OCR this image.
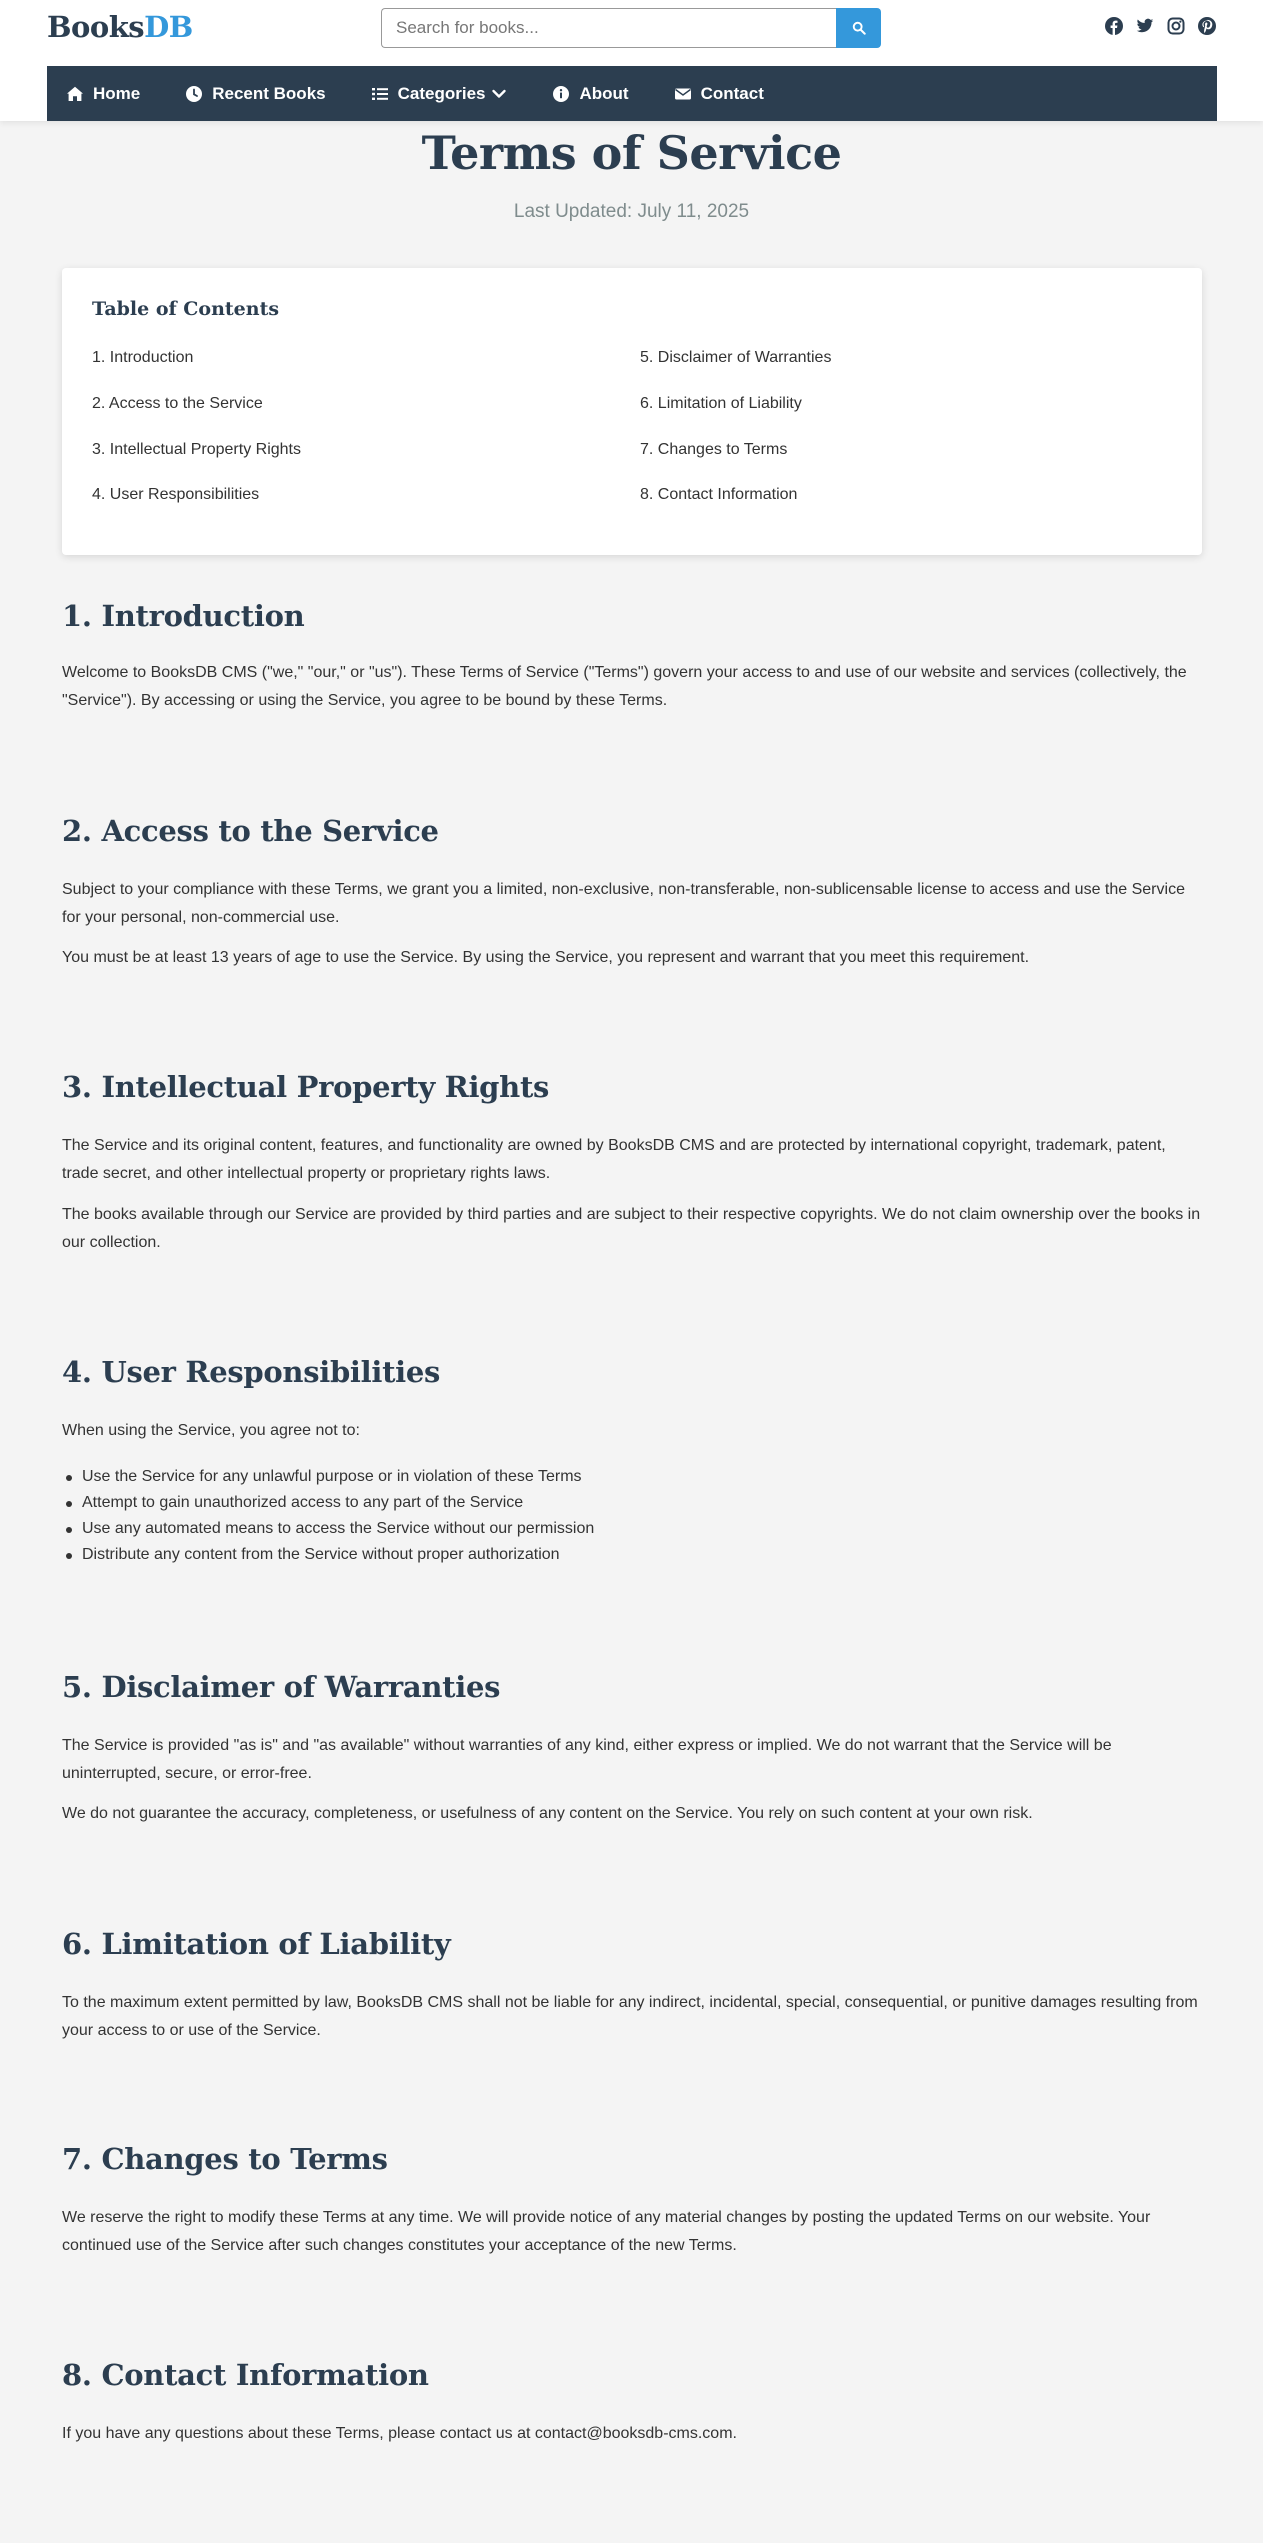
BooksDB
Search for books...
Home	Recent Books	Categories	About	Contact
Terms of Service
Last Updated: July 11, 2025
Table of Contents
1. Introduction
2. Access to the Service
3. Intellectual Property Rights
4. User Responsibilities
5. Disclaimer of Warranties
6. Limitation of Liability
7. Changes to Terms
8. Contact Information
1. Introduction

Welcome to BooksDB CMS ("we," "our," or "us"). These Terms of Service ("Terms") govern your access to and use of our website and services (collectively, the "Service"). By accessing or using the Service, you agree to be bound by these Terms.

2. Access to the Service

Subject to your compliance with these Terms, we grant you a limited, non-exclusive, non-transferable, non-sublicensable license to access and use the Service for your personal, non-commercial use.

You must be at least 13 years of age to use the Service. By using the Service, you represent and warrant that you meet this requirement.

3. Intellectual Property Rights

The Service and its original content, features, and functionality are owned by BooksDB CMS and are protected by international copyright, trademark, patent, trade secret, and other intellectual property or proprietary rights laws.

The books available through our Service are provided by third parties and are subject to their respective copyrights. We do not claim ownership over the books in our collection.

4. User Responsibilities

When using the Service, you agree not to:

Use the Service for any unlawful purpose or in violation of these Terms
Attempt to gain unauthorized access to any part of the Service
Use any automated means to access the Service without our permission
Distribute any content from the Service without proper authorization
5. Disclaimer of Warranties

The Service is provided "as is" and "as available" without warranties of any kind, either express or implied. We do not warrant that the Service will be uninterrupted, secure, or error-free.

We do not guarantee the accuracy, completeness, or usefulness of any content on the Service. You rely on such content at your own risk.

6. Limitation of Liability

To the maximum extent permitted by law, BooksDB CMS shall not be liable for any indirect, incidental, special, consequential, or punitive damages resulting from your access to or use of the Service.

7. Changes to Terms

We reserve the right to modify these Terms at any time. We will provide notice of any material changes by posting the updated Terms on our website. Your continued use of the Service after such changes constitutes your acceptance of the new Terms.

8. Contact Information

If you have any questions about these Terms, please contact us at contact@booksdb-cms.com.
